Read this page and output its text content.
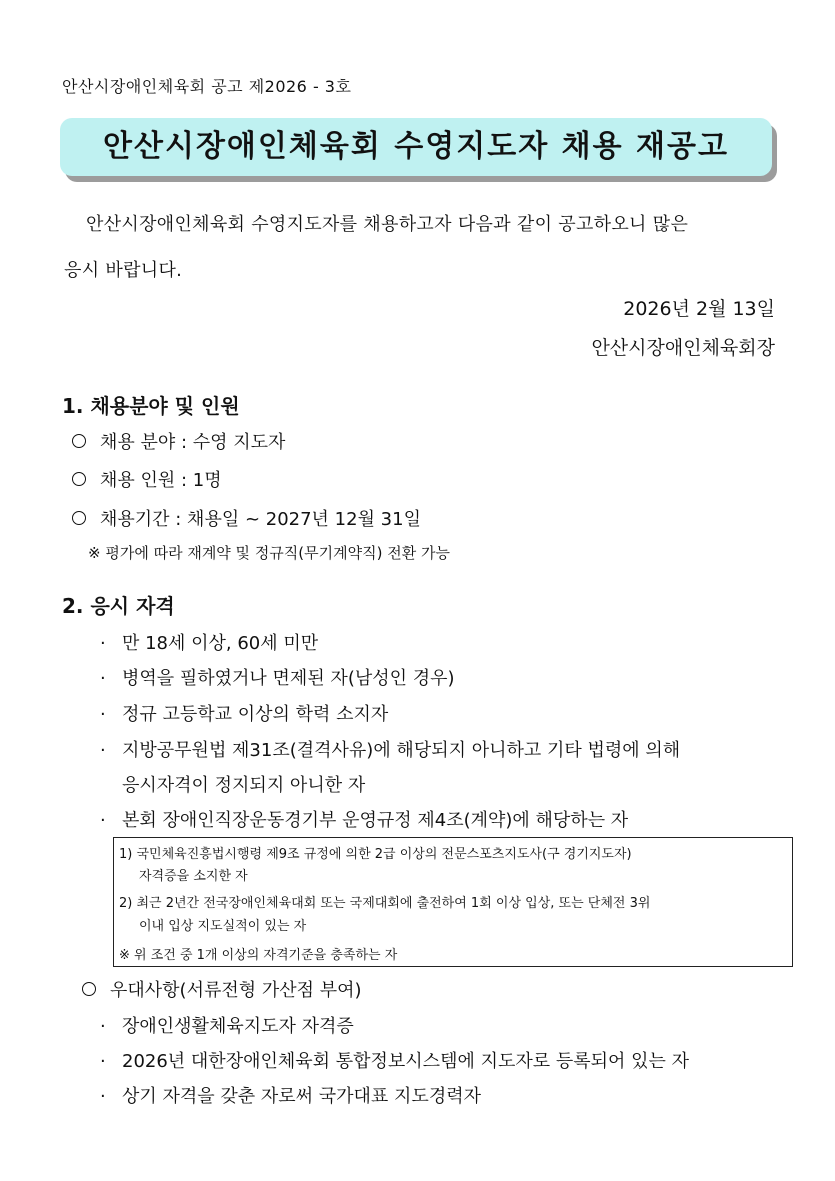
안산시장애인체육회 공고 제2026 - 3호
안산시장애인체육회 수영지도자 채용 재공고
안산시장애인체육회 수영지도자를 채용하고자 다음과 같이 공고하오니 많은
응시 바랍니다.
2026년 2월 13일
안산시장애인체육회장
1. 채용분야 및 인원
채용 분야 : 수영 지도자
채용 인원 : 1명
채용기간 : 채용일 ~ 2027년 12월 31일
※ 평가에 따라 재계약 및 정규직(무기계약직) 전환 가능
2. 응시 자격
· 만 18세 이상, 60세 미만
· 병역을 필하였거나 면제된 자(남성인 경우)
· 정규 고등학교 이상의 학력 소지자
· 지방공무원법 제31조(결격사유)에 해당되지 아니하고 기타 법령에 의해
응시자격이 정지되지 아니한 자
· 본회 장애인직장운동경기부 운영규정 제4조(계약)에 해당하는 자
1) 국민체육진흥법시행령 제9조 규정에 의한 2급 이상의 전문스포츠지도사(구 경기지도자)
자격증을 소지한 자
2) 최근 2년간 전국장애인체육대회 또는 국제대회에 출전하여 1회 이상 입상, 또는 단체전 3위
이내 입상 지도실적이 있는 자
※ 위 조건 중 1개 이상의 자격기준을 충족하는 자
우대사항(서류전형 가산점 부여)
· 장애인생활체육지도자 자격증
· 2026년 대한장애인체육회 통합정보시스템에 지도자로 등록되어 있는 자
· 상기 자격을 갖춘 자로써 국가대표 지도경력자
